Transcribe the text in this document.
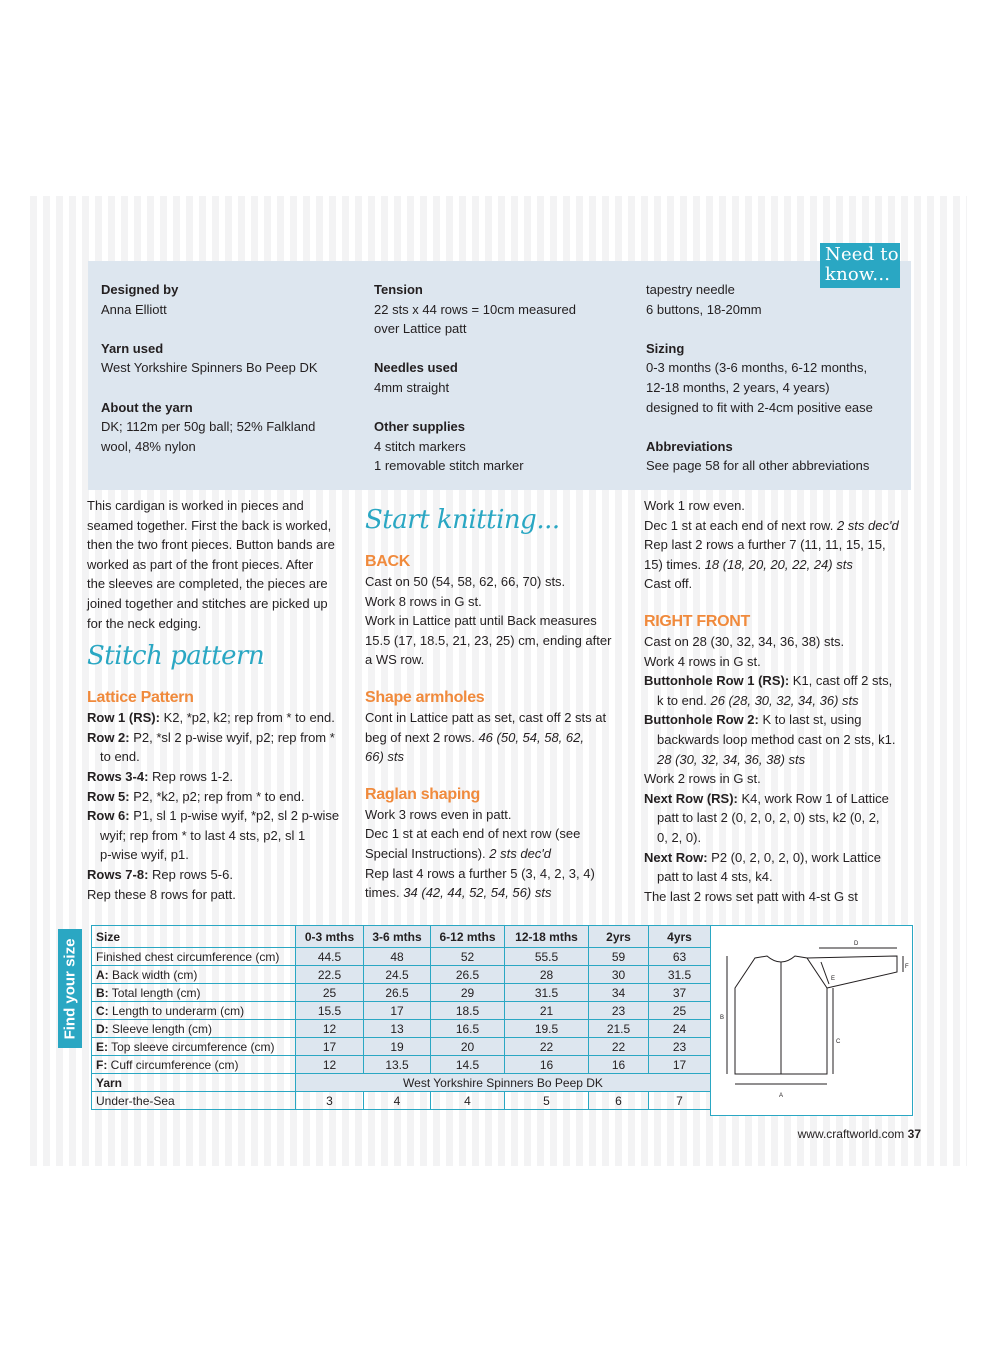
Need to
know...
Designed by
Anna Elliott
Yarn used
West Yorkshire Spinners Bo Peep DK
About the yarn
DK; 112m per 50g ball; 52% Falkland
wool, 48% nylon
Tension
22 sts x 44 rows = 10cm measured
over Lattice patt
Needles used
4mm straight
Other supplies
4 stitch markers
1 removable stitch marker
tapestry needle
6 buttons, 18-20mm
Sizing
0-3 months (3-6 months, 6-12 months,
12-18 months, 2 years, 4 years)
designed to fit with 2-4cm positive ease
Abbreviations
See page 58 for all other abbreviations

This cardigan is worked in pieces and

seamed together. First the back is worked,

then the two front pieces. Button bands are

worked as part of the front pieces. After

the sleeves are completed, the pieces are

joined together and stitches are picked up

for the neck edging.

Stitch pattern
Lattice Pattern

Row 1 (RS): K2, *p2, k2; rep from * to end.

Row 2: P2, *sl 2 p-wise wyif, p2; rep from *

to end.

Rows 3-4: Rep rows 1-2.

Row 5: P2, *k2, p2; rep from * to end.

Row 6: P1, sl 1 p-wise wyif, *p2, sl 2 p-wise

wyif; rep from * to last 4 sts, p2, sl 1

p-wise wyif, p1.

Rows 7-8: Rep rows 5-6.

Rep these 8 rows for patt.

Start knitting...
BACK

Cast on 50 (54, 58, 62, 66, 70) sts.

Work 8 rows in G st.

Work in Lattice patt until Back measures

15.5 (17, 18.5, 21, 23, 25) cm, ending after

a WS row.

Shape armholes

Cont in Lattice patt as set, cast off 2 sts at

beg of next 2 rows. 46 (50, 54, 58, 62,

66) sts

Raglan shaping

Work 3 rows even in patt.

Dec 1 st at each end of next row (see

Special Instructions). 2 sts dec'd

Rep last 4 rows a further 5 (3, 4, 2, 3, 4)

times. 34 (42, 44, 52, 54, 56) sts

Work 1 row even.

Dec 1 st at each end of next row. 2 sts dec'd

Rep last 2 rows a further 7 (11, 11, 15, 15,

15) times. 18 (18, 20, 20, 22, 24) sts

Cast off.

RIGHT FRONT

Cast on 28 (30, 32, 34, 36, 38) sts.

Work 4 rows in G st.

Buttonhole Row 1 (RS): K1, cast off 2 sts,

k to end. 26 (28, 30, 32, 34, 36) sts

Buttonhole Row 2: K to last st, using

backwards loop method cast on 2 sts, k1.

28 (30, 32, 34, 36, 38) sts

Work 2 rows in G st.

Next Row (RS): K4, work Row 1 of Lattice

patt to last 2 (0, 2, 0, 2, 0) sts, k2 (0, 2,

0, 2, 0).

Next Row: P2 (0, 2, 0, 2, 0), work Lattice

patt to last 4 sts, k4.

The last 2 rows set patt with 4-st G st

Find your size
Size	0-3 mths	3-6 mths	6-12 mths	12-18 mths	2yrs	4yrs
Finished chest circumference (cm)	44.5	48	52	55.5	59	63
A: Back width (cm)	22.5	24.5	26.5	28	30	31.5
B: Total length (cm)	25	26.5	29	31.5	34	37
C: Length to underarm (cm)	15.5	17	18.5	21	23	25
D: Sleeve length (cm)	12	13	16.5	19.5	21.5	24
E: Top sleeve circumference (cm)	17	19	20	22	22	23
F: Cuff circumference (cm)	12	13.5	14.5	16	16	17
Yarn	West Yorkshire Spinners Bo Peep DK					
Under-the-Sea	3	4	4	5	6	7	A
B
C
D
E
F
www.craftworld.com 37
